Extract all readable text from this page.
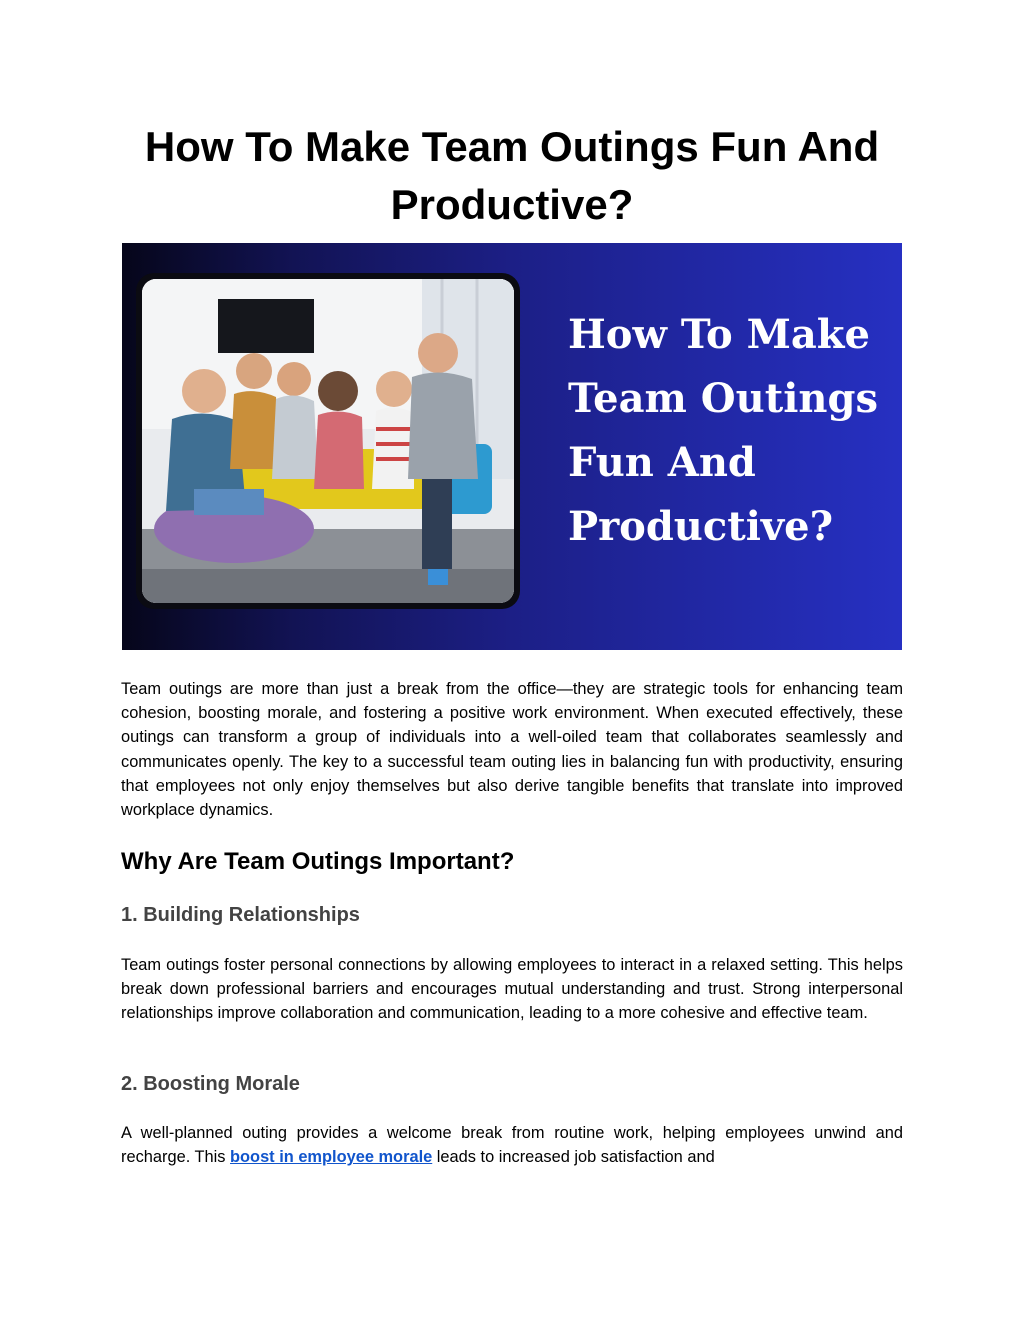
How To Make Team Outings Fun And Productive?
How To Make
Team Outings
Fun And
Productive?

Team outings are more than just a break from the office—they are strategic tools for enhancing team cohesion, boosting morale, and fostering a positive work environment. When executed effectively, these outings can transform a group of individuals into a well-oiled team that collaborates seamlessly and communicates openly. The key to a successful team outing lies in balancing fun with productivity, ensuring that employees not only enjoy themselves but also derive tangible benefits that translate into improved workplace dynamics.

Why Are Team Outings Important?
1. Building Relationships

Team outings foster personal connections by allowing employees to interact in a relaxed setting. This helps break down professional barriers and encourages mutual understanding and trust. Strong interpersonal relationships improve collaboration and communication, leading to a more cohesive and effective team.

2. Boosting Morale

A well-planned outing provides a welcome break from routine work, helping employees unwind and recharge. This boost in employee morale leads to increased job satisfaction and
